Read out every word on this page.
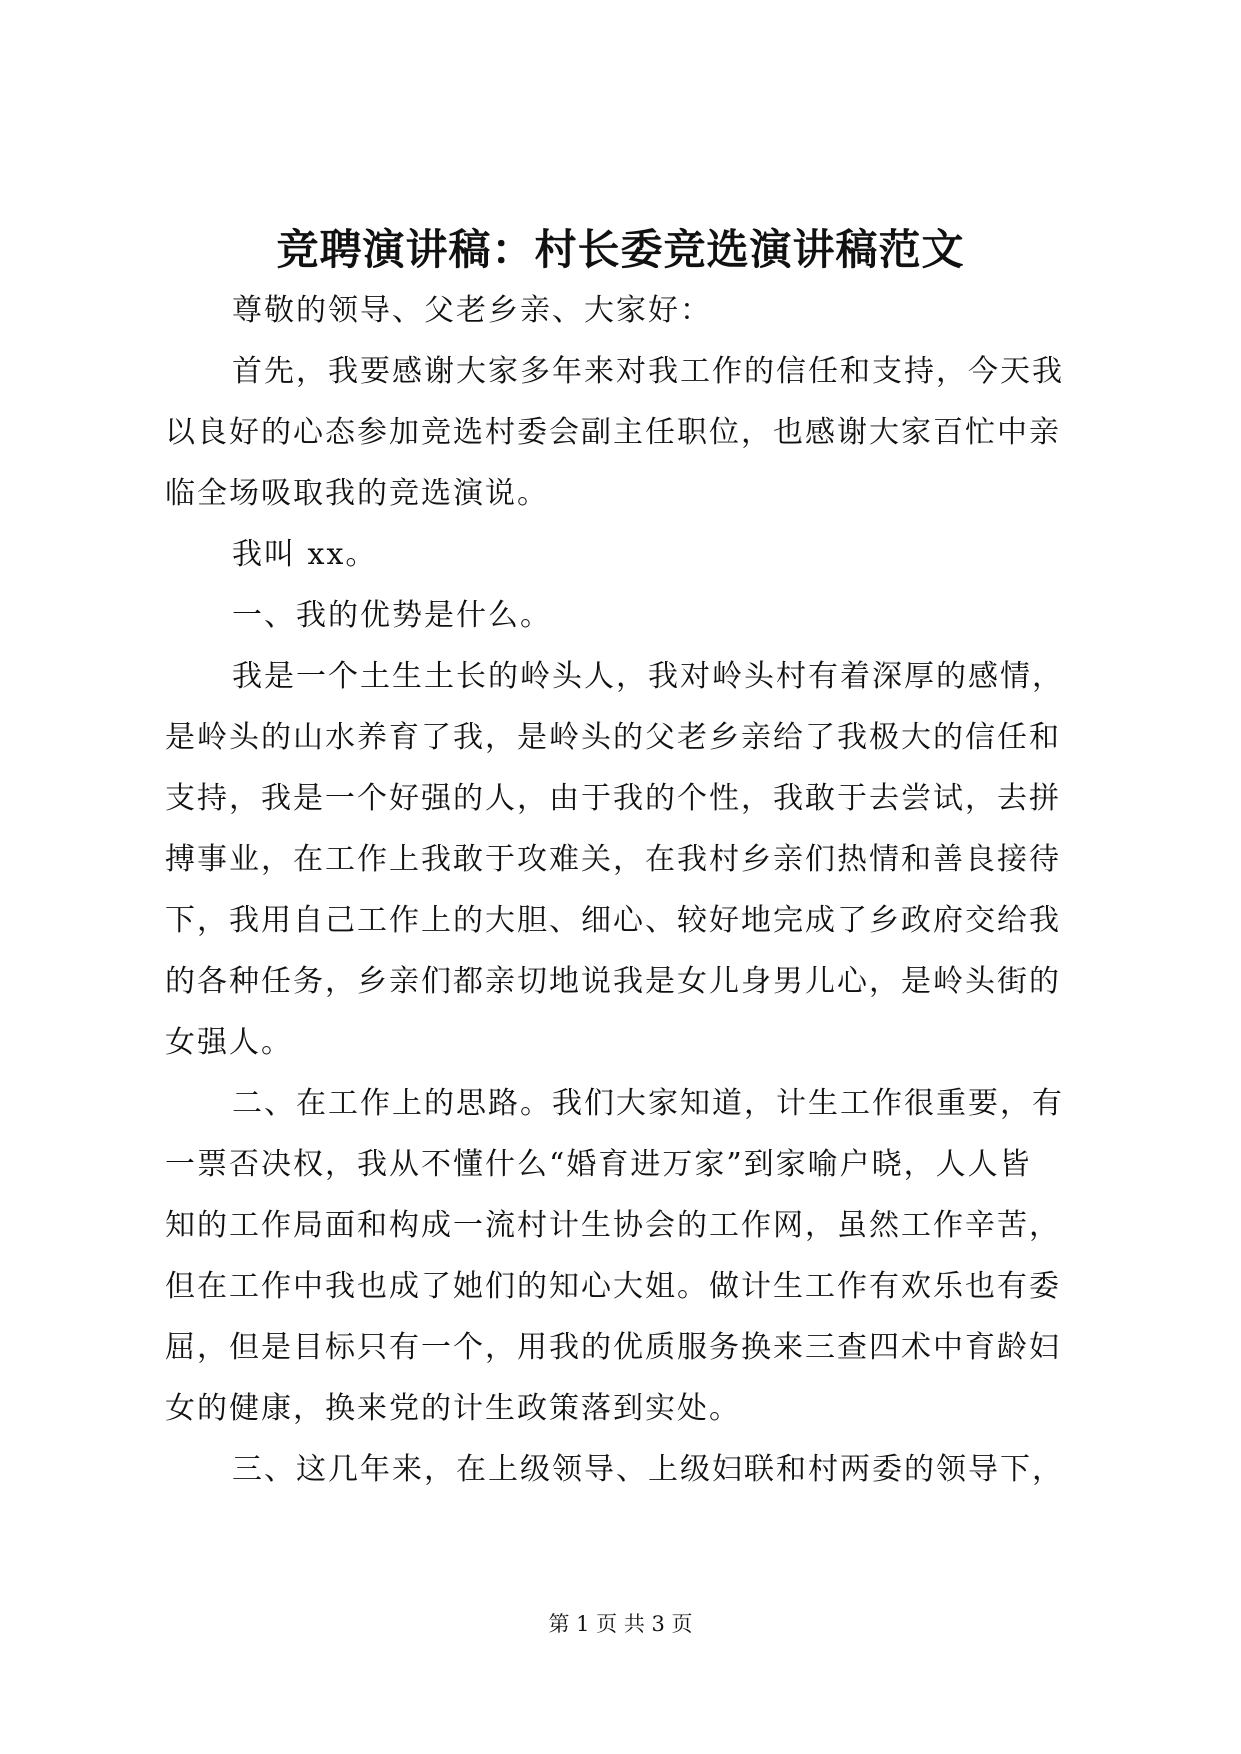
竞聘演讲稿：村长委竞选演讲稿范文
尊敬的领导、父老乡亲、大家好：
首先，我要感谢大家多年来对我工作的信任和支持，今天我
以良好的心态参加竞选村委会副主任职位，也感谢大家百忙中亲
临全场吸取我的竞选演说。
我叫 xx。
一、我的优势是什么。
我是一个土生土长的岭头人，我对岭头村有着深厚的感情，
是岭头的山水养育了我，是岭头的父老乡亲给了我极大的信任和
支持，我是一个好强的人，由于我的个性，我敢于去尝试，去拼
搏事业，在工作上我敢于攻难关，在我村乡亲们热情和善良接待
下，我用自己工作上的大胆、细心、较好地完成了乡政府交给我
的各种任务，乡亲们都亲切地说我是女儿身男儿心，是岭头街的
女强人。
二、在工作上的思路。我们大家知道，计生工作很重要，有
一票否决权，我从不懂什么“婚育进万家”到家喻户晓，人人皆
知的工作局面和构成一流村计生协会的工作网，虽然工作辛苦，
但在工作中我也成了她们的知心大姐。做计生工作有欢乐也有委
屈，但是目标只有一个，用我的优质服务换来三查四术中育龄妇
女的健康，换来党的计生政策落到实处。
三、这几年来，在上级领导、上级妇联和村两委的领导下，
第 1 页 共 3 页
